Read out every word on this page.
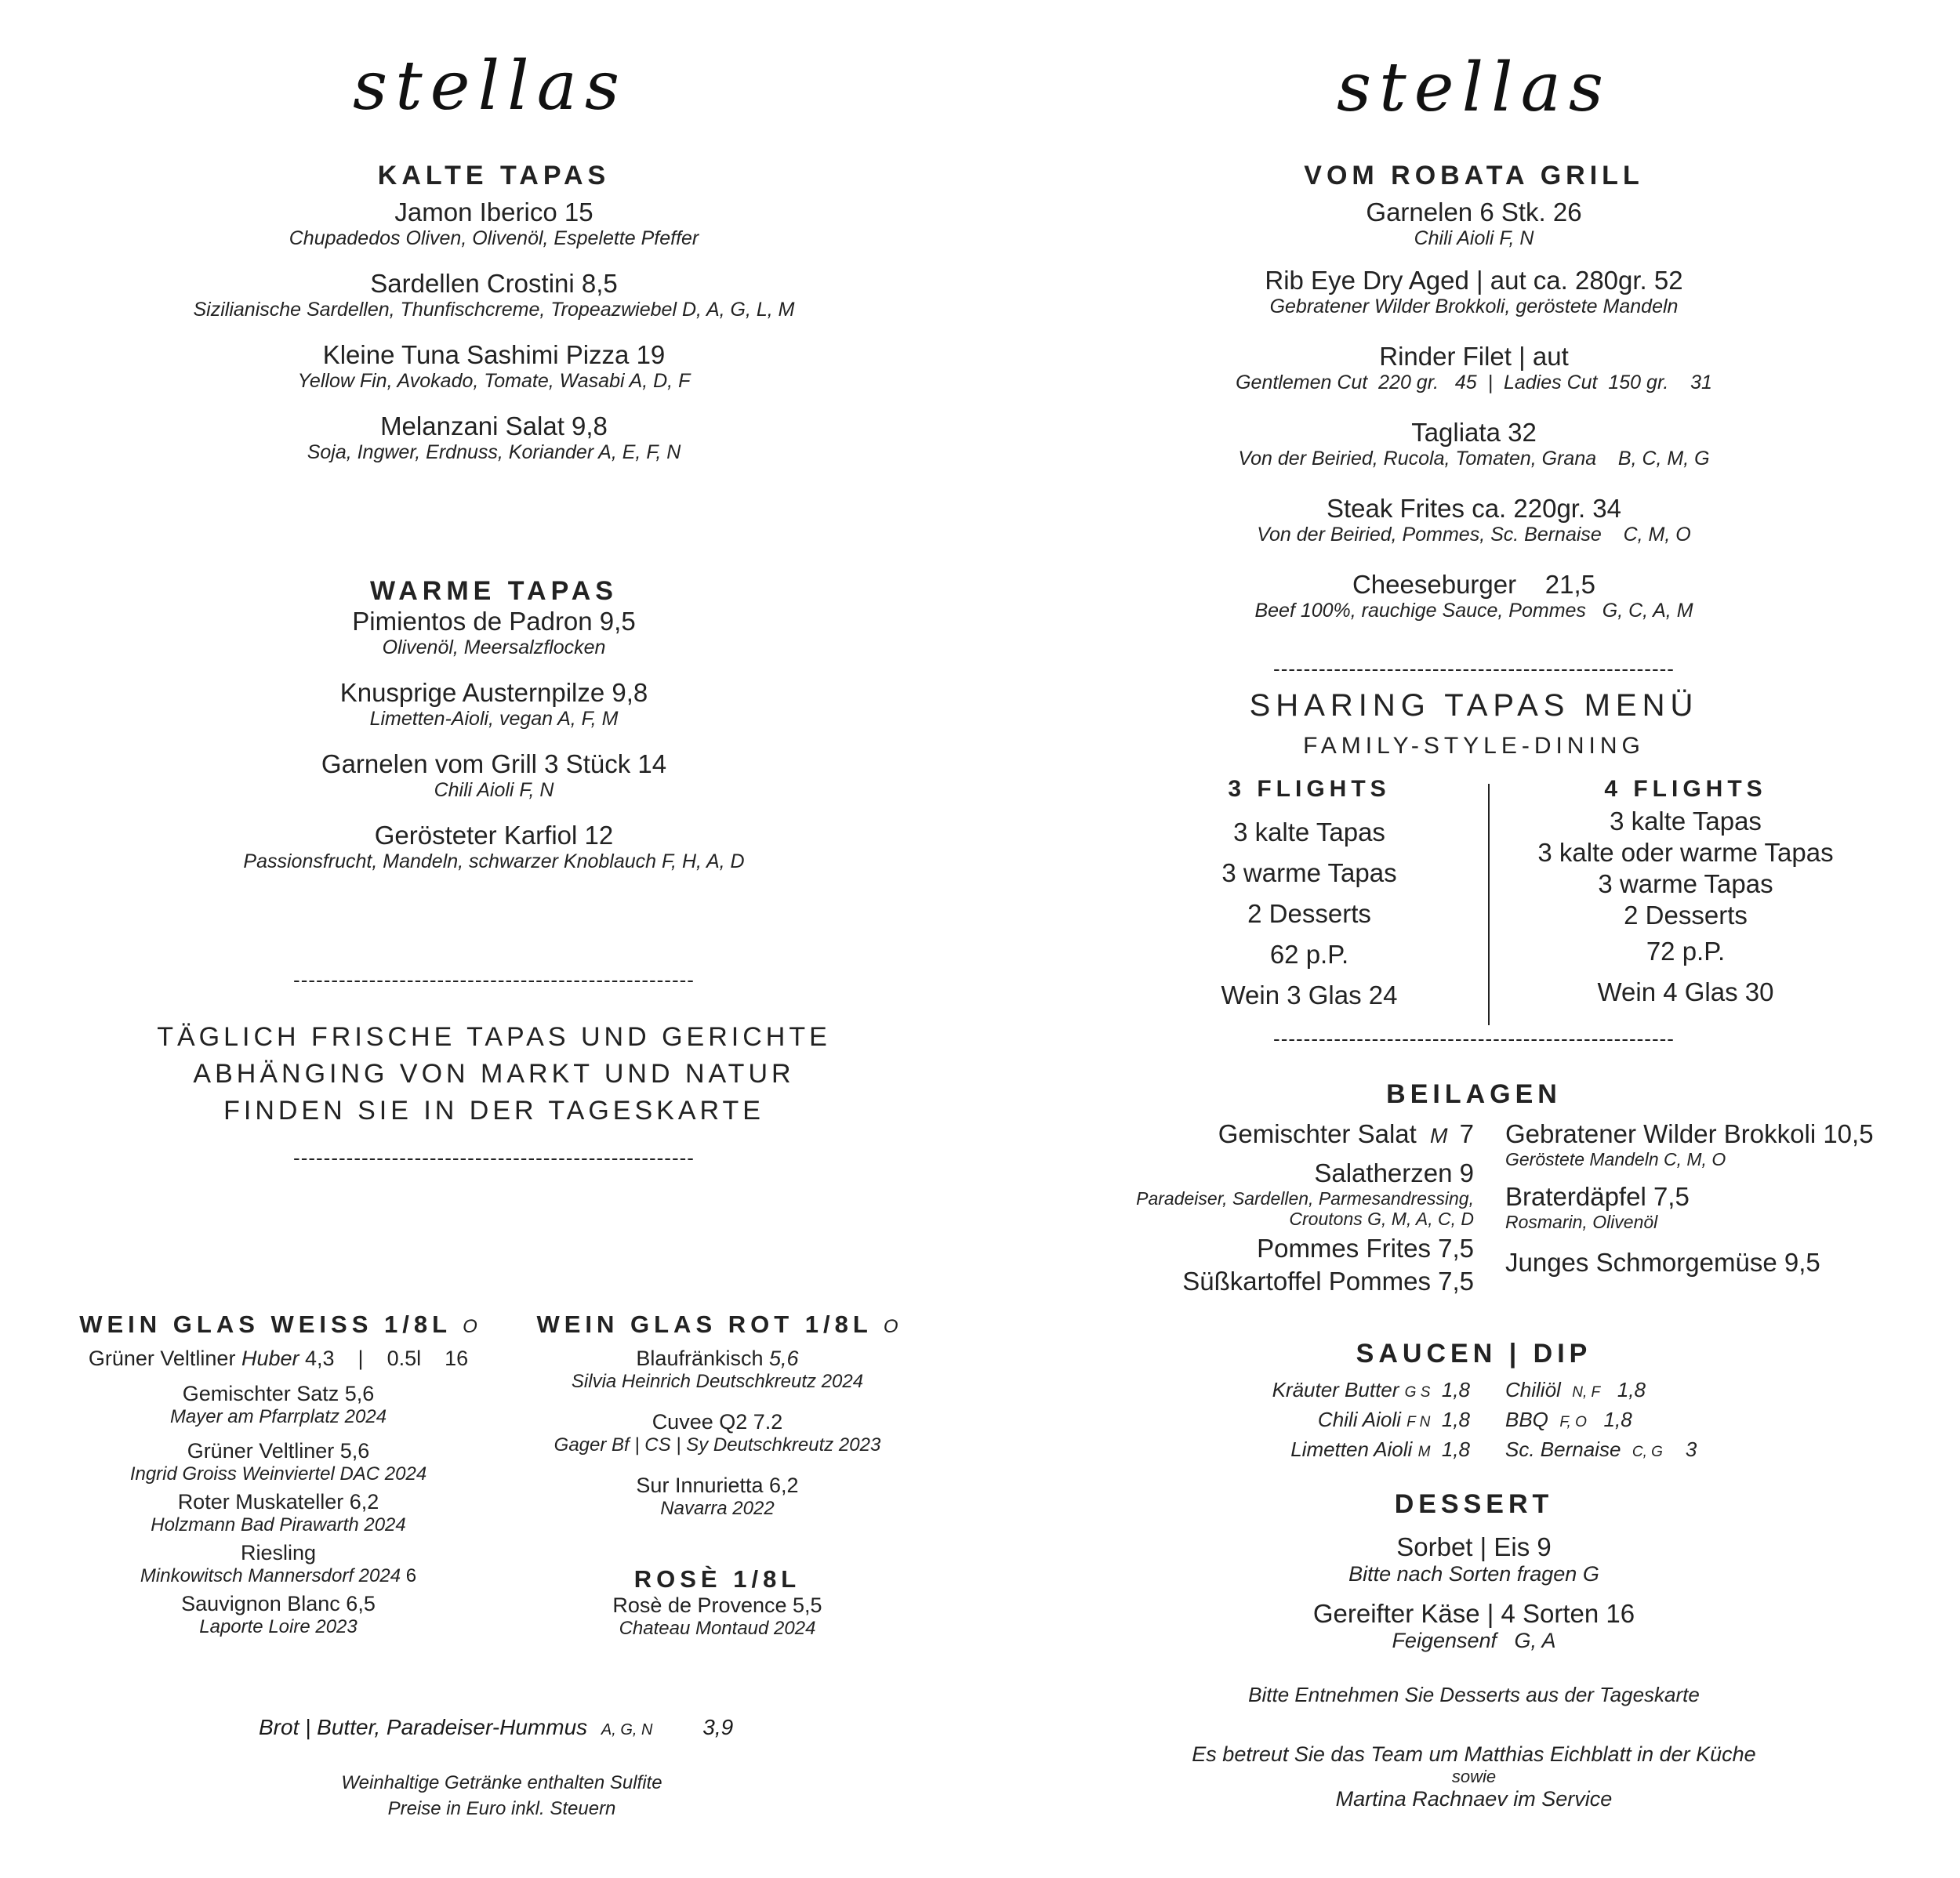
stellas
KALTE TAPAS
Jamon Iberico 15
Chupadedos Oliven, Olivenöl, Espelette Pfeffer
Sardellen Crostini 8,5
Sizilianische Sardellen, Thunfischcreme, Tropeazwiebel D, A, G, L, M
Kleine Tuna Sashimi Pizza 19
Yellow Fin, Avokado, Tomate, Wasabi A, D, F
Melanzani Salat 9,8
Soja, Ingwer, Erdnuss, Koriander A, E, F, N
WARME TAPAS
Pimientos de Padron 9,5
Olivenöl, Meersalzflocken
Knusprige Austernpilze 9,8
Limetten-Aioli, vegan A, F, M
Garnelen vom Grill 3 Stück 14
Chili Aioli F, N
Gerösteter Karfiol 12
Passionsfrucht, Mandeln, schwarzer Knoblauch F, H, A, D
-----------------------------------------------------
TÄGLICH FRISCHE TAPAS UND GERICHTE
ABHÄNGING VON MARKT UND NATUR
FINDEN SIE IN DER TAGESKARTE
-----------------------------------------------------
WEIN GLAS WEISS 1/8L O
Grüner Veltliner Huber 4,3    |    0.5l    16
Gemischter Satz 5,6
Mayer am Pfarrplatz 2024
Grüner Veltliner 5,6
Ingrid Groiss Weinviertel DAC 2024
Roter Muskateller 6,2
Holzmann Bad Pirawarth 2024
Riesling
Minkowitsch Mannersdorf 2024 6
Sauvignon Blanc 6,5
Laporte Loire 2023
WEIN GLAS ROT 1/8L O
Blaufränkisch 5,6
Silvia Heinrich Deutschkreutz 2024
Cuvee Q2 7.2
Gager Bf | CS | Sy Deutschkreutz 2023
Sur Innurietta 6,2
Navarra 2022
ROSÈ 1/8L
Rosè de Provence 5,5
Chateau Montaud 2024
Brot | Butter, Paradeiser-Hummus A, G, N 3,9
Weinhaltige Getränke enthalten Sulfite
Preise in Euro inkl. Steuern
stellas
VOM ROBATA GRILL
Garnelen 6 Stk. 26
Chili Aioli F, N
Rib Eye Dry Aged | aut ca. 280gr. 52
Gebratener Wilder Brokkoli, geröstete Mandeln
Rinder Filet | aut
Gentlemen Cut  220 gr.   45  |  Ladies Cut  150 gr.    31
Tagliata 32
Von der Beiried, Rucola, Tomaten, Grana    B, C, M, G
Steak Frites ca. 220gr. 34
Von der Beiried, Pommes, Sc. Bernaise    C, M, O
Cheeseburger    21,5
Beef 100%, rauchige Sauce, Pommes   G, C, A, M
-----------------------------------------------------
SHARING TAPAS MENÜ
FAMILY-STYLE-DINING
3 FLIGHTS
3 kalte Tapas
3 warme Tapas
2 Desserts
62 p.P.
Wein 3 Glas 24
4 FLIGHTS
3 kalte Tapas
3 kalte oder warme Tapas
3 warme Tapas
2 Desserts
72 p.P.
Wein 4 Glas 30
-----------------------------------------------------
BEILAGEN
Gemischter Salat M 7
Salatherzen 9
Paradeiser, Sardellen, Parmesandressing,
Croutons G, M, A, C, D
Pommes Frites 7,5
Süßkartoffel Pommes 7,5
Gebratener Wilder Brokkoli 10,5
Geröstete Mandeln C, M, O
Braterdäpfel 7,5
Rosmarin, Olivenöl
Junges Schmorgemüse 9,5
SAUCEN | DIP
Kräuter Butter G S 1,8
Chili Aioli F N 1,8
Limetten Aioli M 1,8
Chiliöl N, F 1,8
BBQ F, O 1,8
Sc. Bernaise C, G 3
DESSERT
Sorbet | Eis 9
Bitte nach Sorten fragen G
Gereifter Käse | 4 Sorten 16
Feigensenf   G, A
Bitte Entnehmen Sie Desserts aus der Tageskarte
Es betreut Sie das Team um Matthias Eichblatt in der Küche
sowie
Martina Rachnaev im Service
